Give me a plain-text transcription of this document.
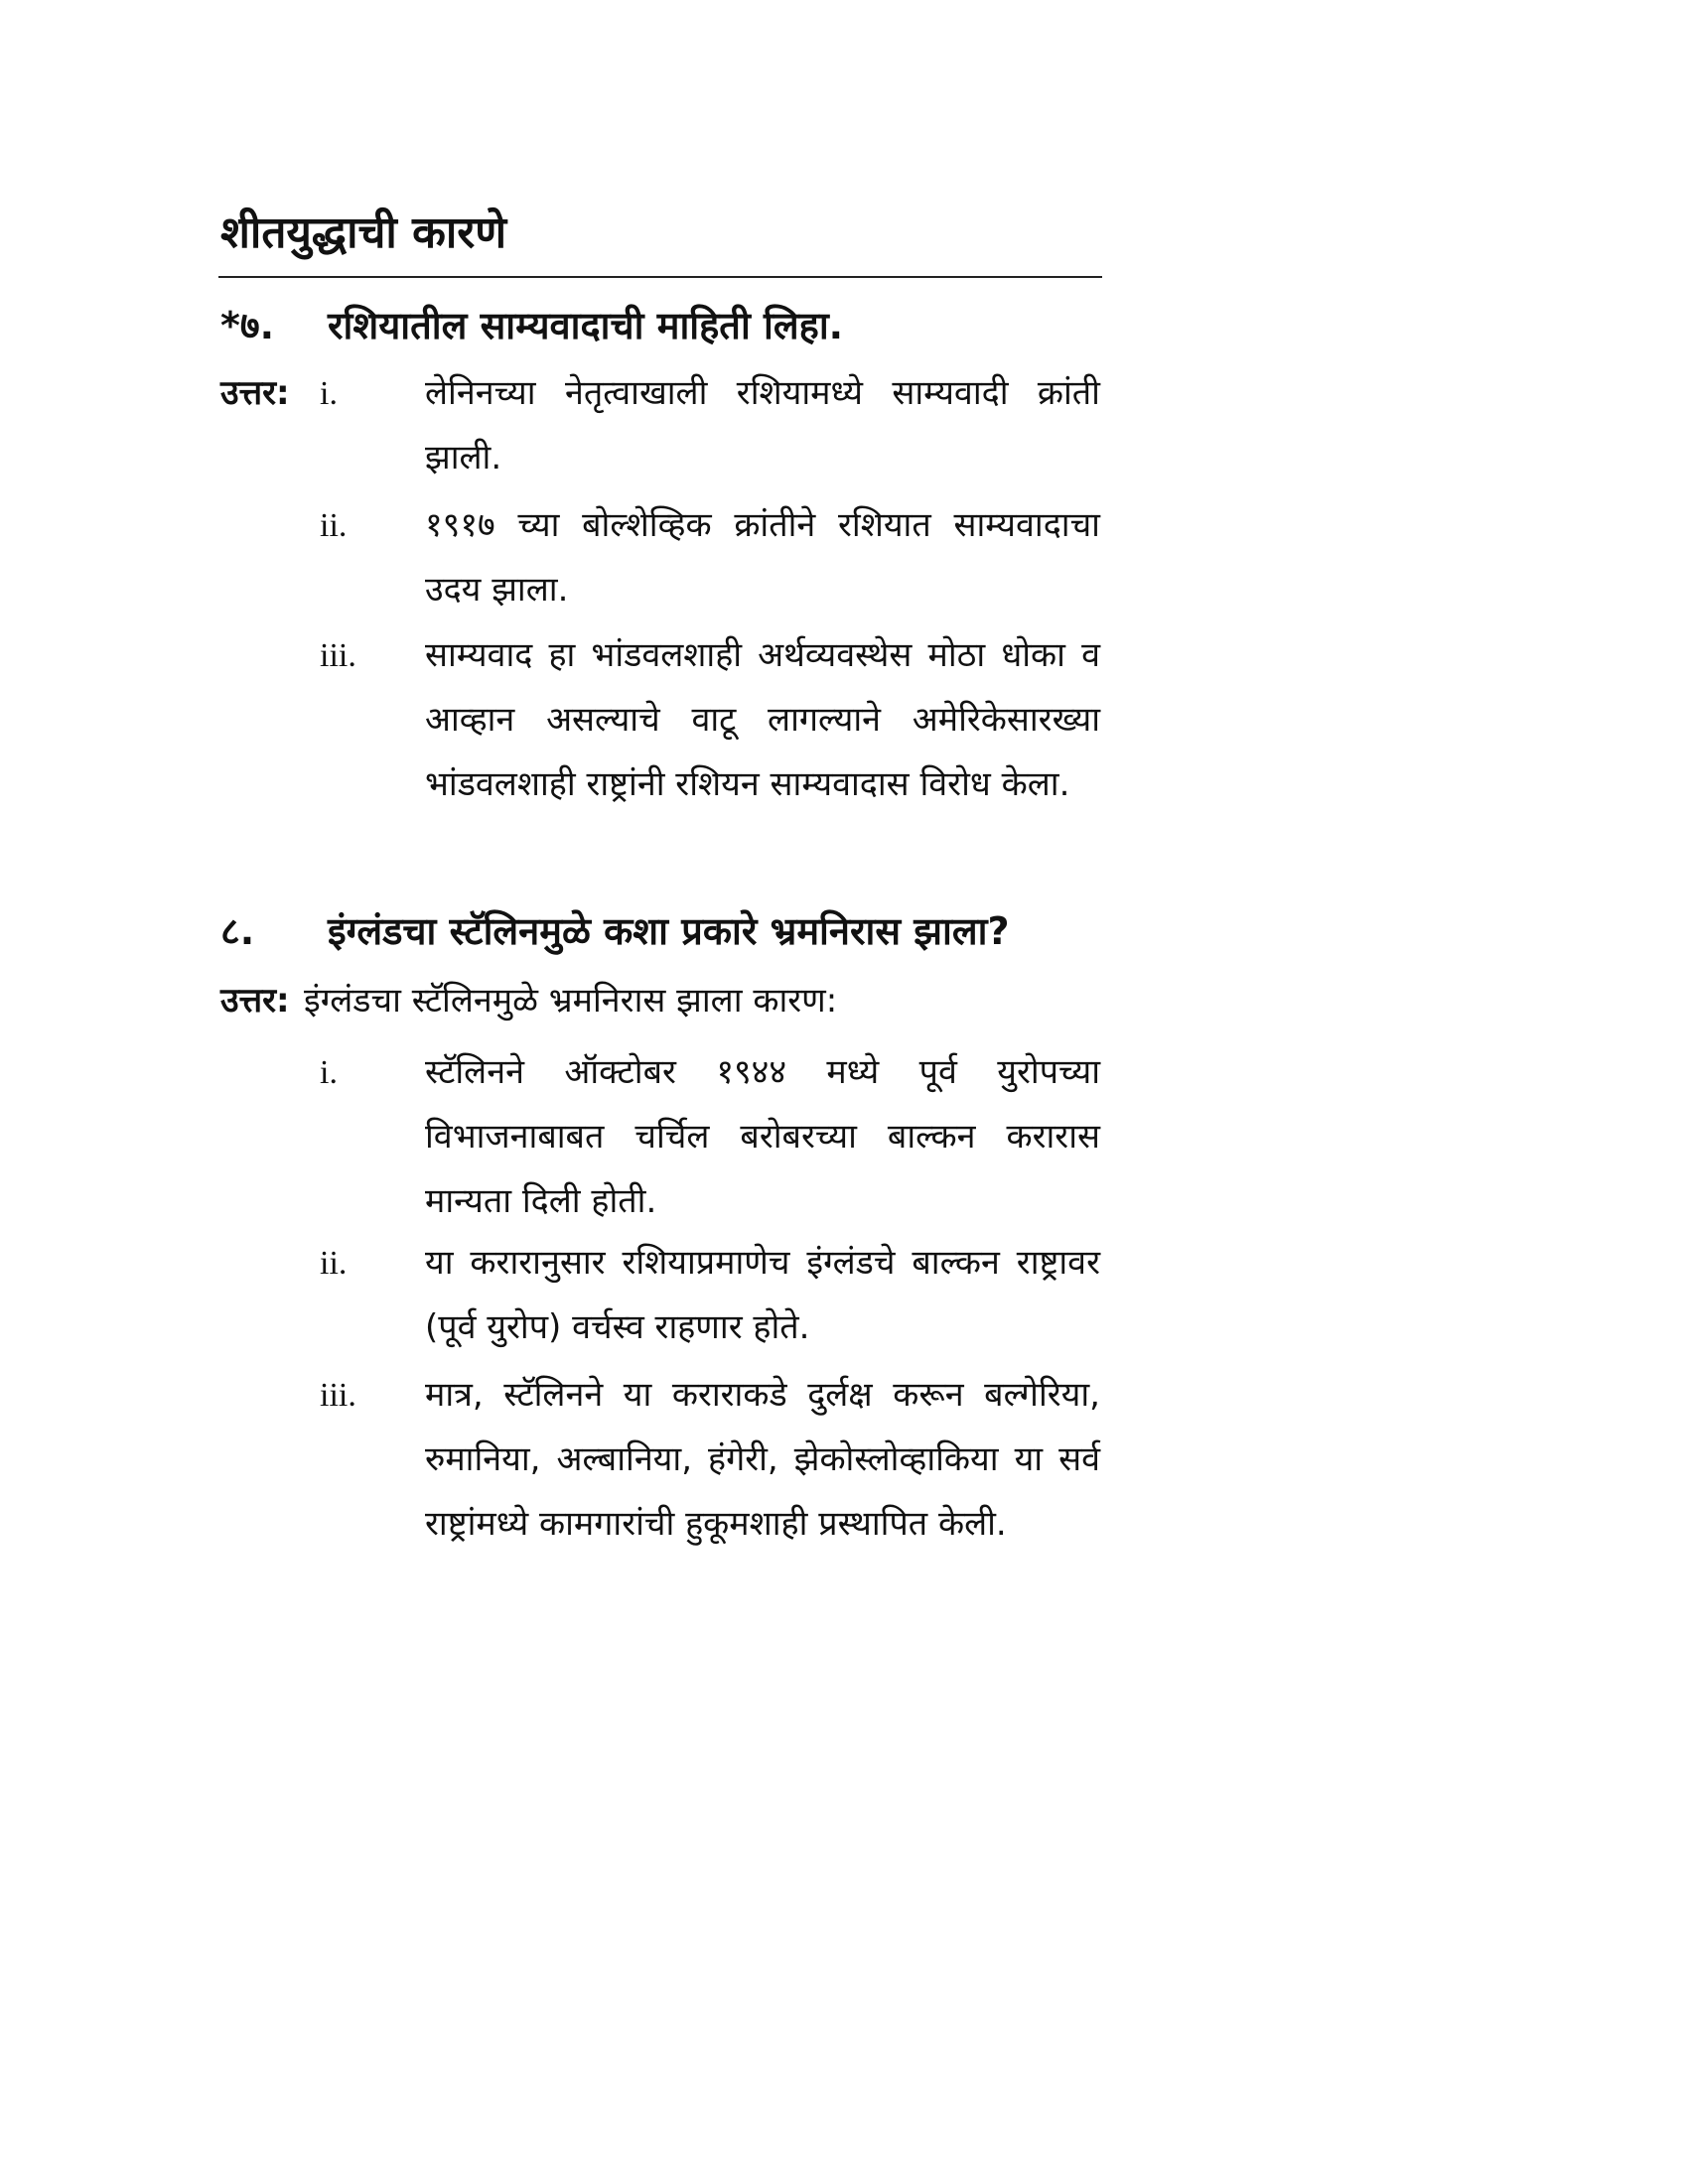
शीतयुद्धाची कारणे
*७. रशियातील साम्यवादाची माहिती लिहा.
उत्तर: i.	लेनिनच्या नेतृत्वाखाली रशियामध्ये साम्यवादी क्रांती झाली.
ii. १९१७ च्या बोल्शेव्हिक क्रांतीने रशियात साम्यवादाचा उदय झाला.
iii. साम्यवाद हा भांडवलशाही अर्थव्यवस्थेस मोठा धोका व आव्हान असल्याचे वाटू लागल्याने अमेरिकेसारख्या भांडवलशाही राष्ट्रांनी रशियन साम्यवादास विरोध केला.
८. इंग्लंडचा स्टॅलिनमुळे कशा प्रकारे भ्रमनिरास झाला?
उत्तर: इंग्लंडचा स्टॅलिनमुळे भ्रमनिरास झाला कारण:
i.	स्टॅलिनने ऑक्टोबर १९४४ मध्ये पूर्व युरोपच्या विभाजनाबाबत चर्चिल बरोबरच्या बाल्कन करारास मान्यता दिली होती.
ii. या करारानुसार रशियाप्रमाणेच इंग्लंडचे बाल्कन राष्ट्रावर (पूर्व युरोप) वर्चस्व राहणार होते.
iii. मात्र, स्टॅलिनने या कराराकडे दुर्लक्ष करून बल्गेरिया, रुमानिया, अल्बानिया, हंगेरी, झेकोस्लोव्हाकिया या सर्व राष्ट्रांमध्ये कामगारांची हुकूमशाही प्रस्थापित केली.
